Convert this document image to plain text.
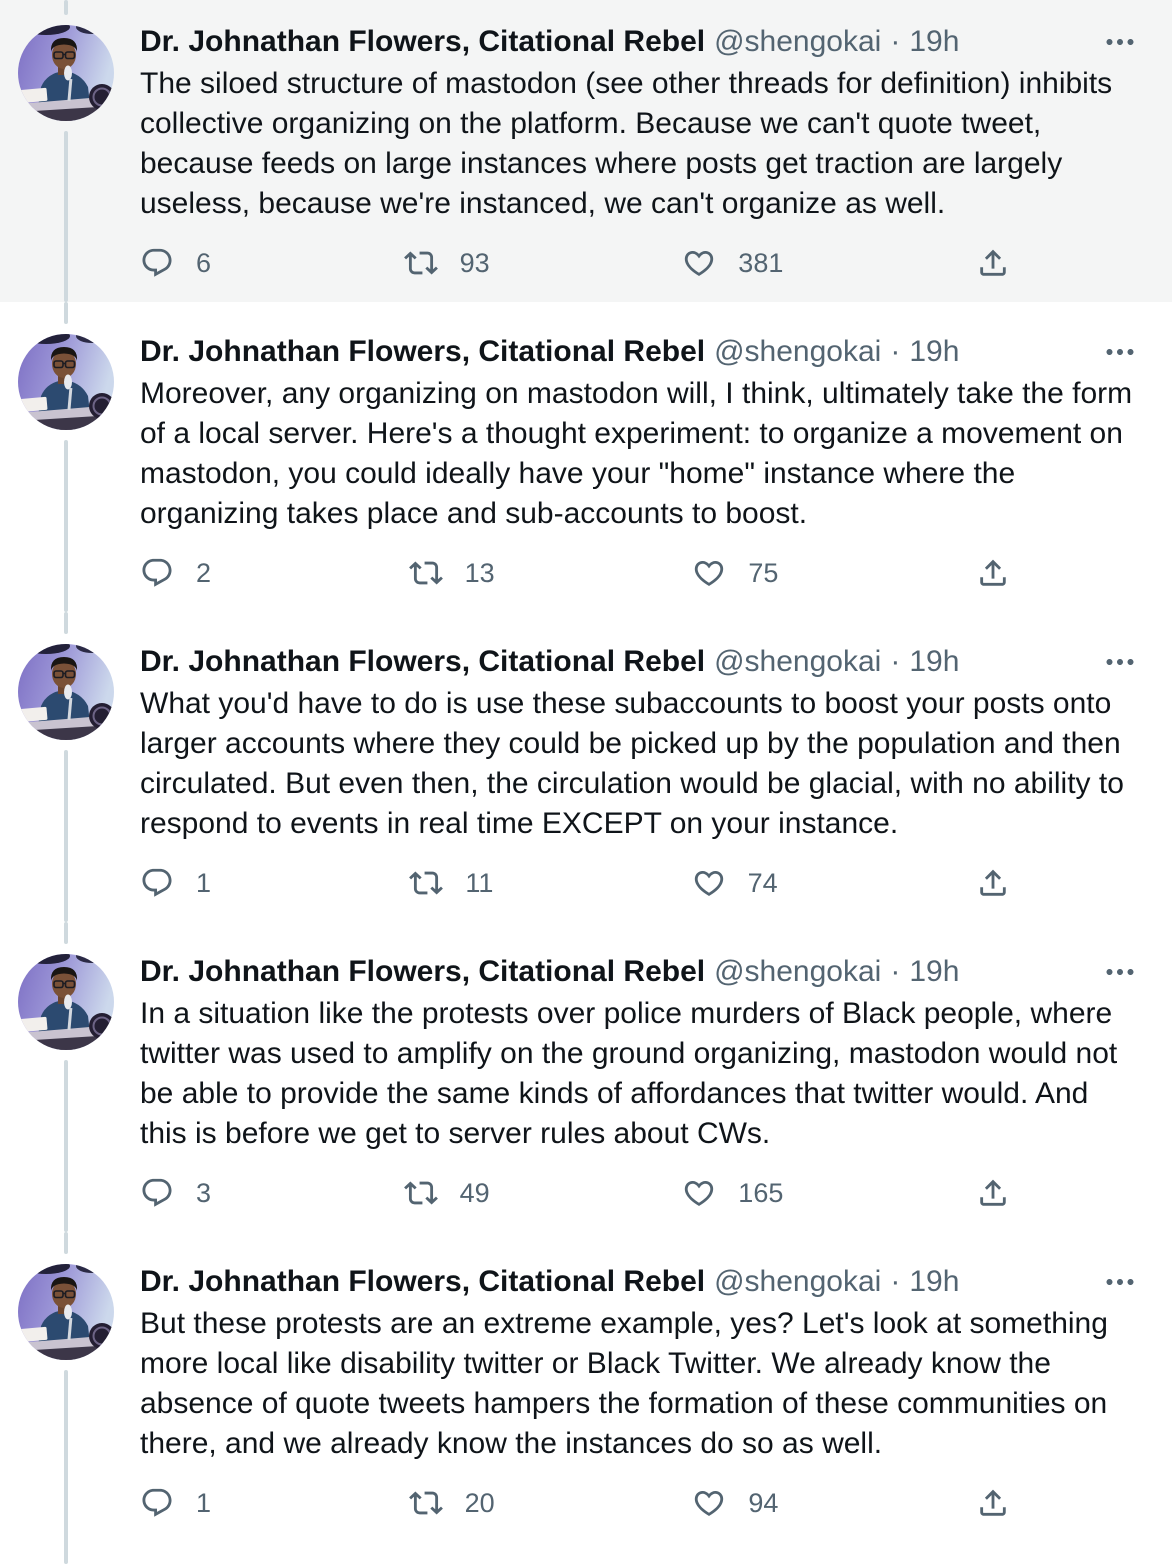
Dr. Johnathan Flowers, Citational Rebel @shengokai · 19h

The siloed structure of mastodon (see other threads for definition) inhibits collective organizing on the platform. Because we can't quote tweet, because feeds on large instances where posts get traction are largely useless, because we're instanced, we can't organize as well.

6	93	381
Dr. Johnathan Flowers, Citational Rebel @shengokai · 19h

Moreover, any organizing on mastodon will, I think, ultimately take the form of a local server. Here's a thought experiment: to organize a movement on mastodon, you could ideally have your "home" instance where the organizing takes place and sub-accounts to boost.

2	13	75
Dr. Johnathan Flowers, Citational Rebel @shengokai · 19h

What you'd have to do is use these subaccounts to boost your posts onto larger accounts where they could be picked up by the population and then circulated. But even then, the circulation would be glacial, with no ability to respond to events in real time EXCEPT on your instance.

1	11	74
Dr. Johnathan Flowers, Citational Rebel @shengokai · 19h

In a situation like the protests over police murders of Black people, where twitter was used to amplify on the ground organizing, mastodon would not be able to provide the same kinds of affordances that twitter would. And this is before we get to server rules about CWs.

3	49	165
Dr. Johnathan Flowers, Citational Rebel @shengokai · 19h

But these protests are an extreme example, yes? Let's look at something more local like disability twitter or Black Twitter. We already know the absence of quote tweets hampers the formation of these communities on there, and we already know the instances do so as well.

1	20	94
